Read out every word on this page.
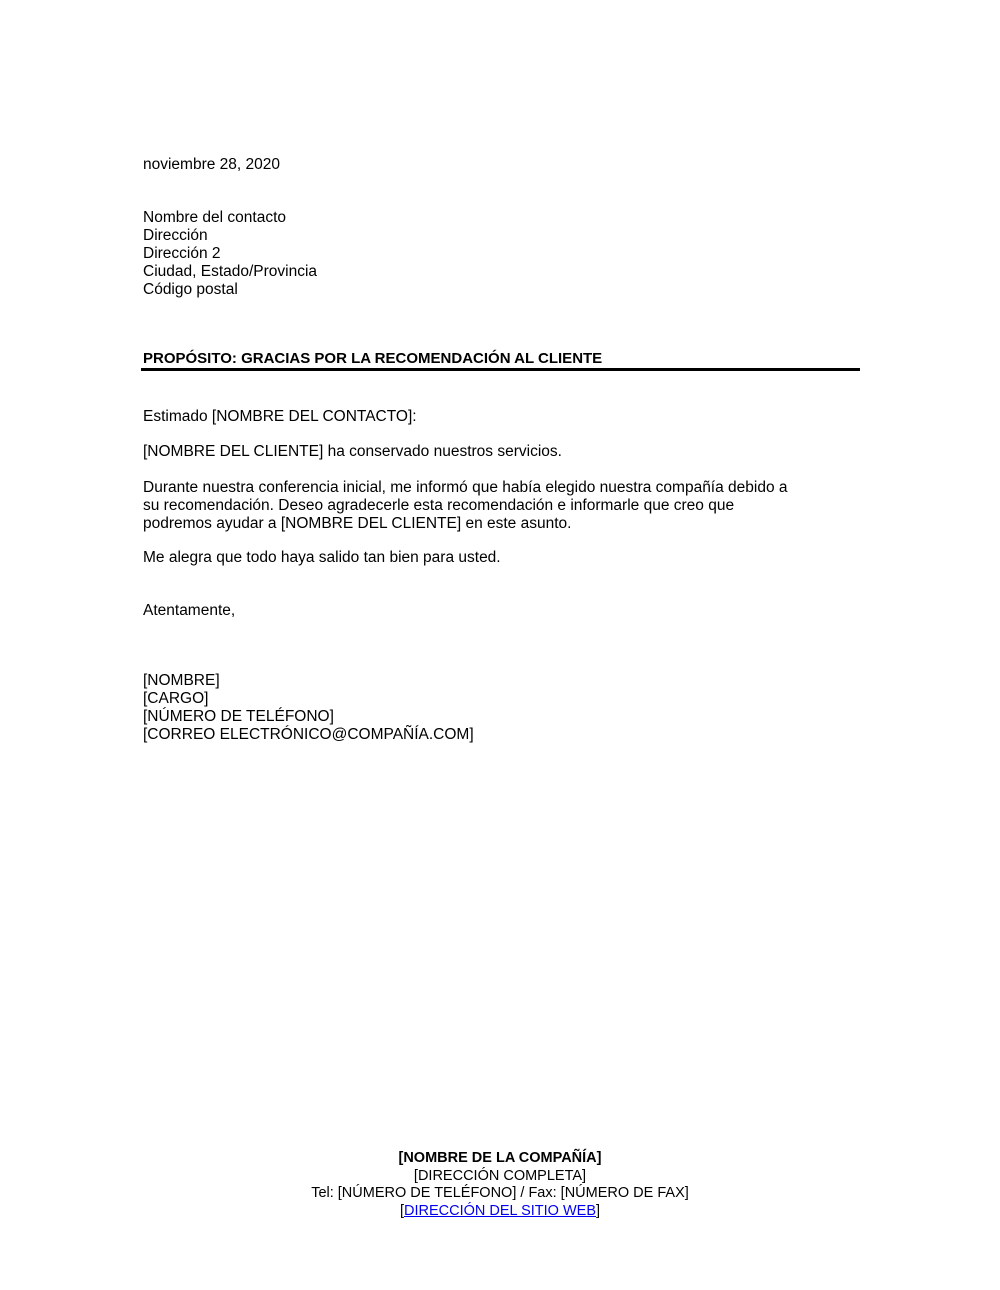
noviembre 28, 2020
Nombre del contacto
Dirección
Dirección 2
Ciudad, Estado/Provincia
Código postal
PROPÓSITO: GRACIAS POR LA RECOMENDACIÓN AL CLIENTE
Estimado [NOMBRE DEL CONTACTO]:
[NOMBRE DEL CLIENTE] ha conservado nuestros servicios.
Durante nuestra conferencia inicial, me informó que había elegido nuestra compañía debido a
su recomendación. Deseo agradecerle esta recomendación e informarle que creo que
podremos ayudar a [NOMBRE DEL CLIENTE] en este asunto.
Me alegra que todo haya salido tan bien para usted.
Atentamente,
[NOMBRE]
[CARGO]
[NÚMERO DE TELÉFONO]
[CORREO ELECTRÓNICO@COMPAÑÍA.COM]
[NOMBRE DE LA COMPAÑÍA]
[DIRECCIÓN COMPLETA]
Tel: [NÚMERO DE TELÉFONO] / Fax: [NÚMERO DE FAX]
[DIRECCIÓN DEL SITIO WEB]
